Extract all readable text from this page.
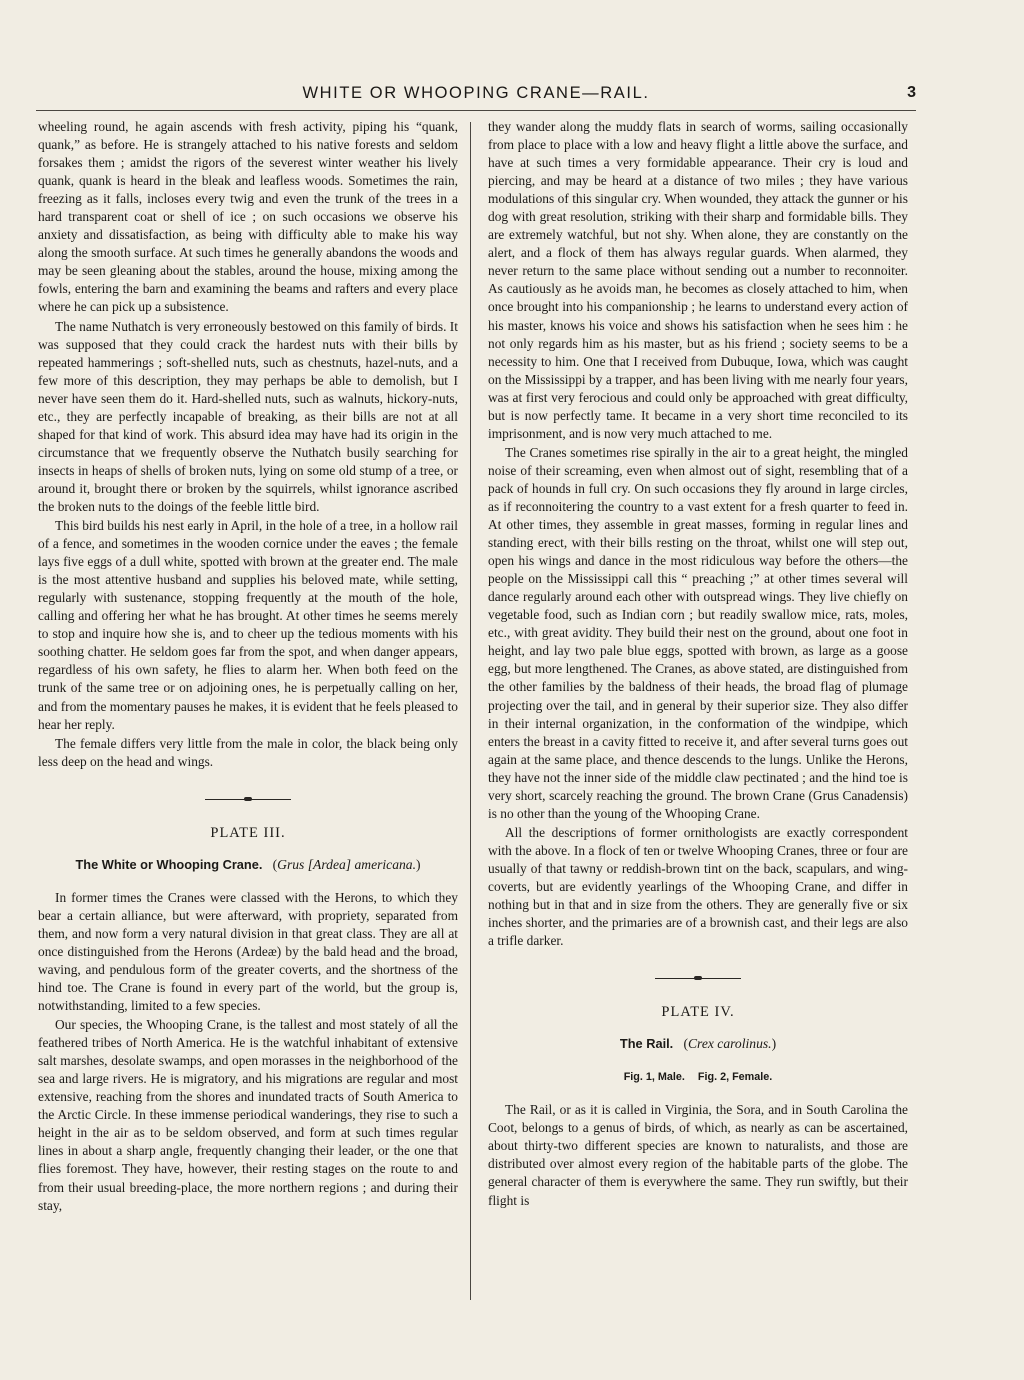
WHITE OR WHOOPING CRANE—RAIL.	3

wheeling round, he again ascends with fresh activity, piping his “quank, quank,” as before. He is strangely attached to his native forests and seldom forsakes them ; amidst the rigors of the severest winter weather his lively quank, quank is heard in the bleak and leafless woods. Sometimes the rain, freezing as it falls, incloses every twig and even the trunk of the trees in a hard transparent coat or shell of ice ; on such occasions we observe his anxiety and dissatisfaction, as being with difficulty able to make his way along the smooth surface. At such times he generally abandons the woods and may be seen gleaning about the stables, around the house, mixing among the fowls, entering the barn and examining the beams and rafters and every place where he can pick up a subsistence.

The name Nuthatch is very erroneously bestowed on this family of birds. It was supposed that they could crack the hardest nuts with their bills by repeated hammerings ; soft-shelled nuts, such as chestnuts, hazel-nuts, and a few more of this description, they may perhaps be able to demolish, but I never have seen them do it. Hard-shelled nuts, such as walnuts, hickory-nuts, etc., they are perfectly incapable of breaking, as their bills are not at all shaped for that kind of work. This absurd idea may have had its origin in the circumstance that we frequently observe the Nuthatch busily searching for insects in heaps of shells of broken nuts, lying on some old stump of a tree, or around it, brought there or broken by the squirrels, whilst ignorance ascribed the broken nuts to the doings of the feeble little bird.

This bird builds his nest early in April, in the hole of a tree, in a hollow rail of a fence, and sometimes in the wooden cornice under the eaves ; the female lays five eggs of a dull white, spotted with brown at the greater end. The male is the most attentive husband and supplies his beloved mate, while setting, regularly with sustenance, stopping frequently at the mouth of the hole, calling and offering her what he has brought. At other times he seems merely to stop and inquire how she is, and to cheer up the tedious moments with his soothing chatter. He seldom goes far from the spot, and when danger appears, regardless of his own safety, he flies to alarm her. When both feed on the trunk of the same tree or on adjoining ones, he is perpetually calling on her, and from the momentary pauses he makes, it is evident that he feels pleased to hear her reply.

The female differs very little from the male in color, the black being only less deep on the head and wings.

PLATE III.
The White or Whooping Crane. (Grus [Ardea] americana.)

In former times the Cranes were classed with the Herons, to which they bear a certain alliance, but were afterward, with propriety, separated from them, and now form a very natural division in that great class. They are all at once distinguished from the Herons (Ardeæ) by the bald head and the broad, waving, and pendulous form of the greater coverts, and the shortness of the hind toe. The Crane is found in every part of the world, but the group is, notwithstanding, limited to a few species.

Our species, the Whooping Crane, is the tallest and most stately of all the feathered tribes of North America. He is the watchful inhabitant of extensive salt marshes, desolate swamps, and open morasses in the neighborhood of the sea and large rivers. He is migratory, and his migrations are regular and most extensive, reaching from the shores and inundated tracts of South America to the Arctic Circle. In these immense periodical wanderings, they rise to such a height in the air as to be seldom observed, and form at such times regular lines in about a sharp angle, frequently changing their leader, or the one that flies foremost. They have, however, their resting stages on the route to and from their usual breeding-place, the more northern regions ; and during their stay,

they wander along the muddy flats in search of worms, sailing occasionally from place to place with a low and heavy flight a little above the surface, and have at such times a very formidable appearance. Their cry is loud and piercing, and may be heard at a distance of two miles ; they have various modulations of this singular cry. When wounded, they attack the gunner or his dog with great resolution, striking with their sharp and formidable bills. They are extremely watchful, but not shy. When alone, they are constantly on the alert, and a flock of them has always regular guards. When alarmed, they never return to the same place without sending out a number to reconnoiter. As cautiously as he avoids man, he becomes as closely attached to him, when once brought into his companionship ; he learns to understand every action of his master, knows his voice and shows his satisfaction when he sees him : he not only regards him as his master, but as his friend ; society seems to be a necessity to him. One that I received from Dubuque, Iowa, which was caught on the Mississippi by a trapper, and has been living with me nearly four years, was at first very ferocious and could only be approached with great difficulty, but is now perfectly tame. It became in a very short time reconciled to its imprisonment, and is now very much attached to me.

The Cranes sometimes rise spirally in the air to a great height, the mingled noise of their screaming, even when almost out of sight, resembling that of a pack of hounds in full cry. On such occasions they fly around in large circles, as if reconnoitering the country to a vast extent for a fresh quarter to feed in. At other times, they assemble in great masses, forming in regular lines and standing erect, with their bills resting on the throat, whilst one will step out, open his wings and dance in the most ridiculous way before the others—the people on the Mississippi call this “ preaching ;” at other times several will dance regularly around each other with outspread wings. They live chiefly on vegetable food, such as Indian corn ; but readily swallow mice, rats, moles, etc., with great avidity. They build their nest on the ground, about one foot in height, and lay two pale blue eggs, spotted with brown, as large as a goose egg, but more lengthened. The Cranes, as above stated, are distinguished from the other families by the baldness of their heads, the broad flag of plumage projecting over the tail, and in general by their superior size. They also differ in their internal organization, in the conformation of the windpipe, which enters the breast in a cavity fitted to receive it, and after several turns goes out again at the same place, and thence descends to the lungs. Unlike the Herons, they have not the inner side of the middle claw pectinated ; and the hind toe is very short, scarcely reaching the ground. The brown Crane (Grus Canadensis) is no other than the young of the Whooping Crane.

All the descriptions of former ornithologists are exactly correspondent with the above. In a flock of ten or twelve Whooping Cranes, three or four are usually of that tawny or reddish-brown tint on the back, scapulars, and wing-coverts, but are evidently yearlings of the Whooping Crane, and differ in nothing but in that and in size from the others. They are generally five or six inches shorter, and the primaries are of a brownish cast, and their legs are also a trifle darker.

PLATE IV.
The Rail. (Crex carolinus.)
Fig. 1, Male. Fig. 2, Female.

The Rail, or as it is called in Virginia, the Sora, and in South Carolina the Coot, belongs to a genus of birds, of which, as nearly as can be ascertained, about thirty-two different species are known to naturalists, and those are distributed over almost every region of the habitable parts of the globe. The general character of them is everywhere the same. They run swiftly, but their flight is
